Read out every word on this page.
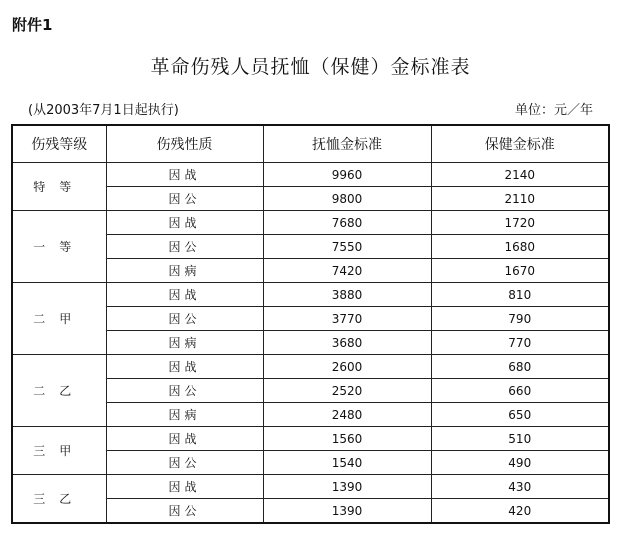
附件1
革命伤残人员抚恤（保健）金标准表
(从2003年7月1日起执行)	单位：元／年
伤残等级	伤残性质	抚恤金标准	保健金标准
特等	因战	9960	2140
	因公	9800	2110
一等	因战	7680	1720
	因公	7550	1680
	因病	7420	1670
二甲	因战	3880	810
	因公	3770	790
	因病	3680	770
二乙	因战	2600	680
	因公	2520	660
	因病	2480	650
三甲	因战	1560	510
	因公	1540	490
三乙	因战	1390	430
	因公	1390	420
